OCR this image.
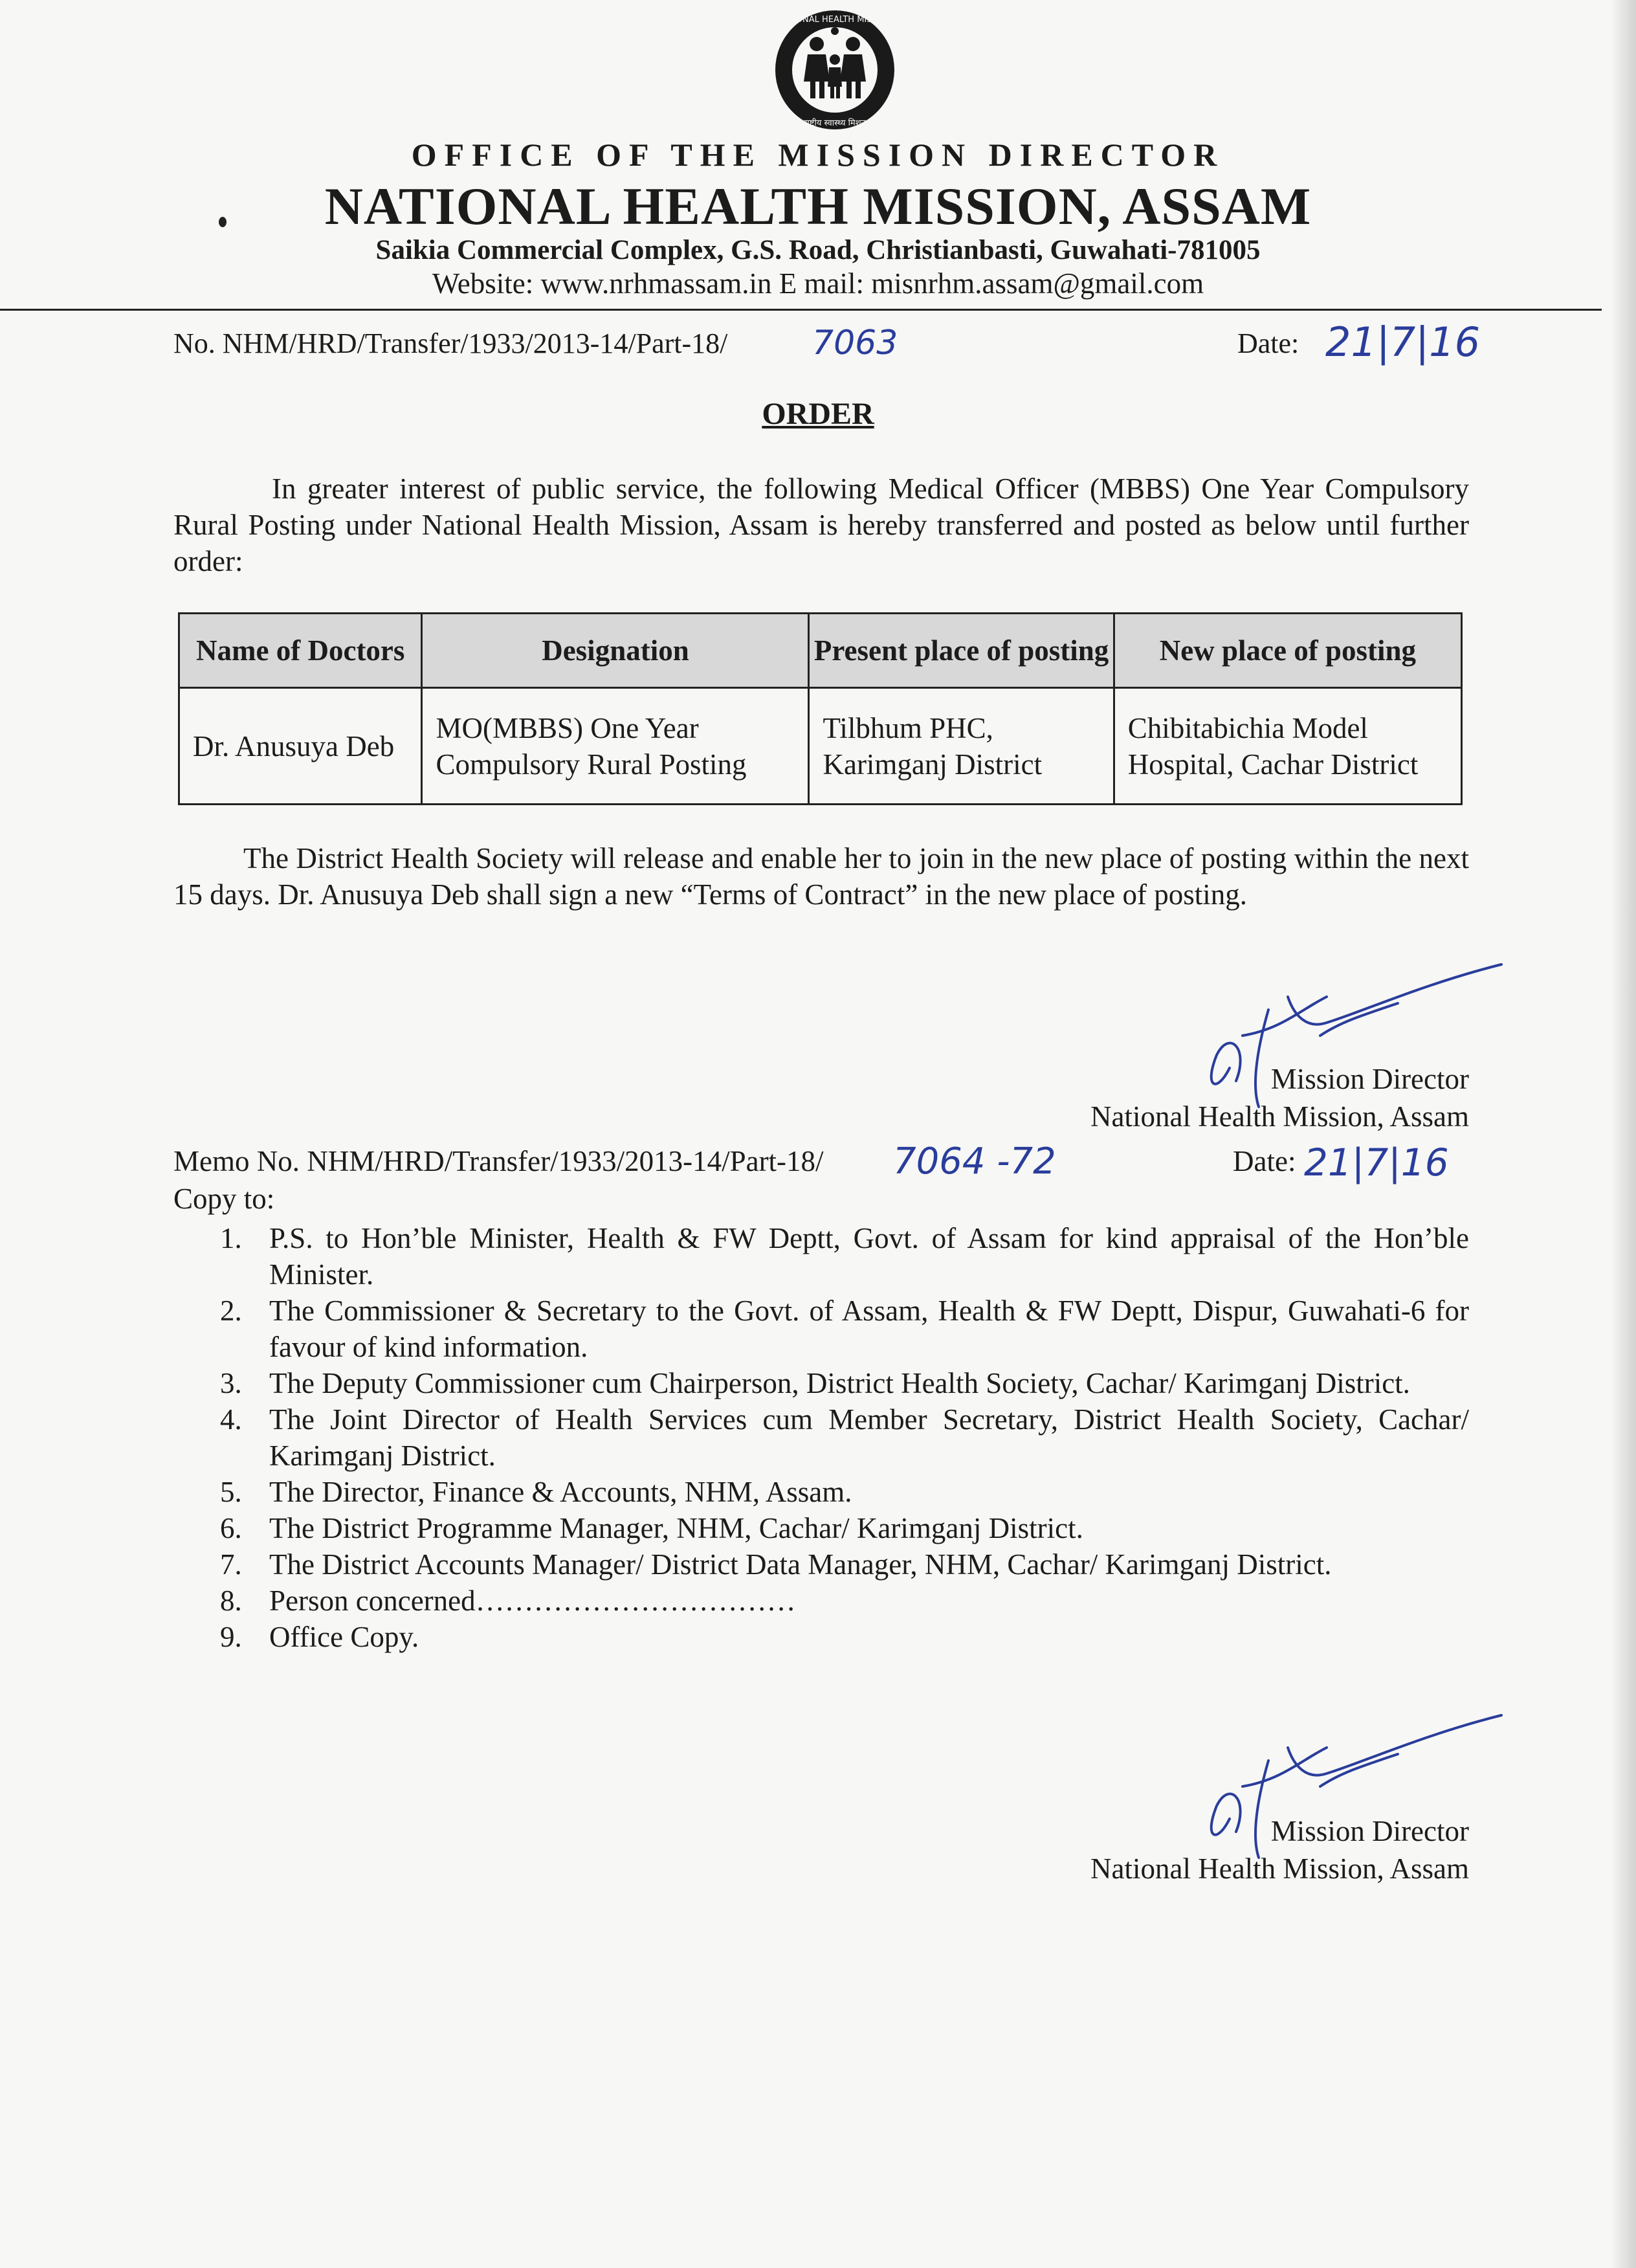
राष्ट्रीय स्वास्थ्य मिशन
NATIONAL HEALTH MISSION
OFFICE OF THE MISSION DIRECTOR
NATIONAL HEALTH MISSION, ASSAM
Saikia Commercial Complex, G.S. Road, Christianbasti, Guwahati-781005
Website: www.nrhmassam.in E mail: misnrhm.assam@gmail.com
No. NHM/HRD/Transfer/1933/2013-14/Part-18/	7063	Date: 21|7|16
ORDER
In greater interest of public service, the following Medical Officer (MBBS) One Year Compulsory Rural Posting under National Health Mission, Assam is hereby transferred and posted as below until further order:
Name of Doctors	Designation	Present place of posting	New place of posting
Dr. Anusuya Deb	MO(MBBS) One Year Compulsory Rural Posting	Tilbhum PHC, Karimganj District	Chibitabichia Model Hospital, Cachar District
The District Health Society will release and enable her to join in the new place of posting within the next 15 days. Dr. Anusuya Deb shall sign a new “Terms of Contract” in the new place of posting.
Mission Director
National Health Mission, Assam
Memo No. NHM/HRD/Transfer/1933/2013-14/Part-18/ 7064 -72	Date: 21|7|16
Copy to:
1. P.S. to Hon’ble Minister, Health & FW Deptt, Govt. of Assam for kind appraisal of the Hon’ble Minister.
2. The Commissioner & Secretary to the Govt. of Assam, Health & FW Deptt, Dispur, Guwahati-6 for favour of kind information.
3. The Deputy Commissioner cum Chairperson, District Health Society, Cachar/ Karimganj District.
4. The Joint Director of Health Services cum Member Secretary, District Health Society, Cachar/ Karimganj District.
5. The Director, Finance & Accounts, NHM, Assam.
6. The District Programme Manager, NHM, Cachar/ Karimganj District.
7. The District Accounts Manager/ District Data Manager, NHM, Cachar/ Karimganj District.
8. Person concerned……………………………
9. Office Copy.
Mission Director
National Health Mission, Assam
